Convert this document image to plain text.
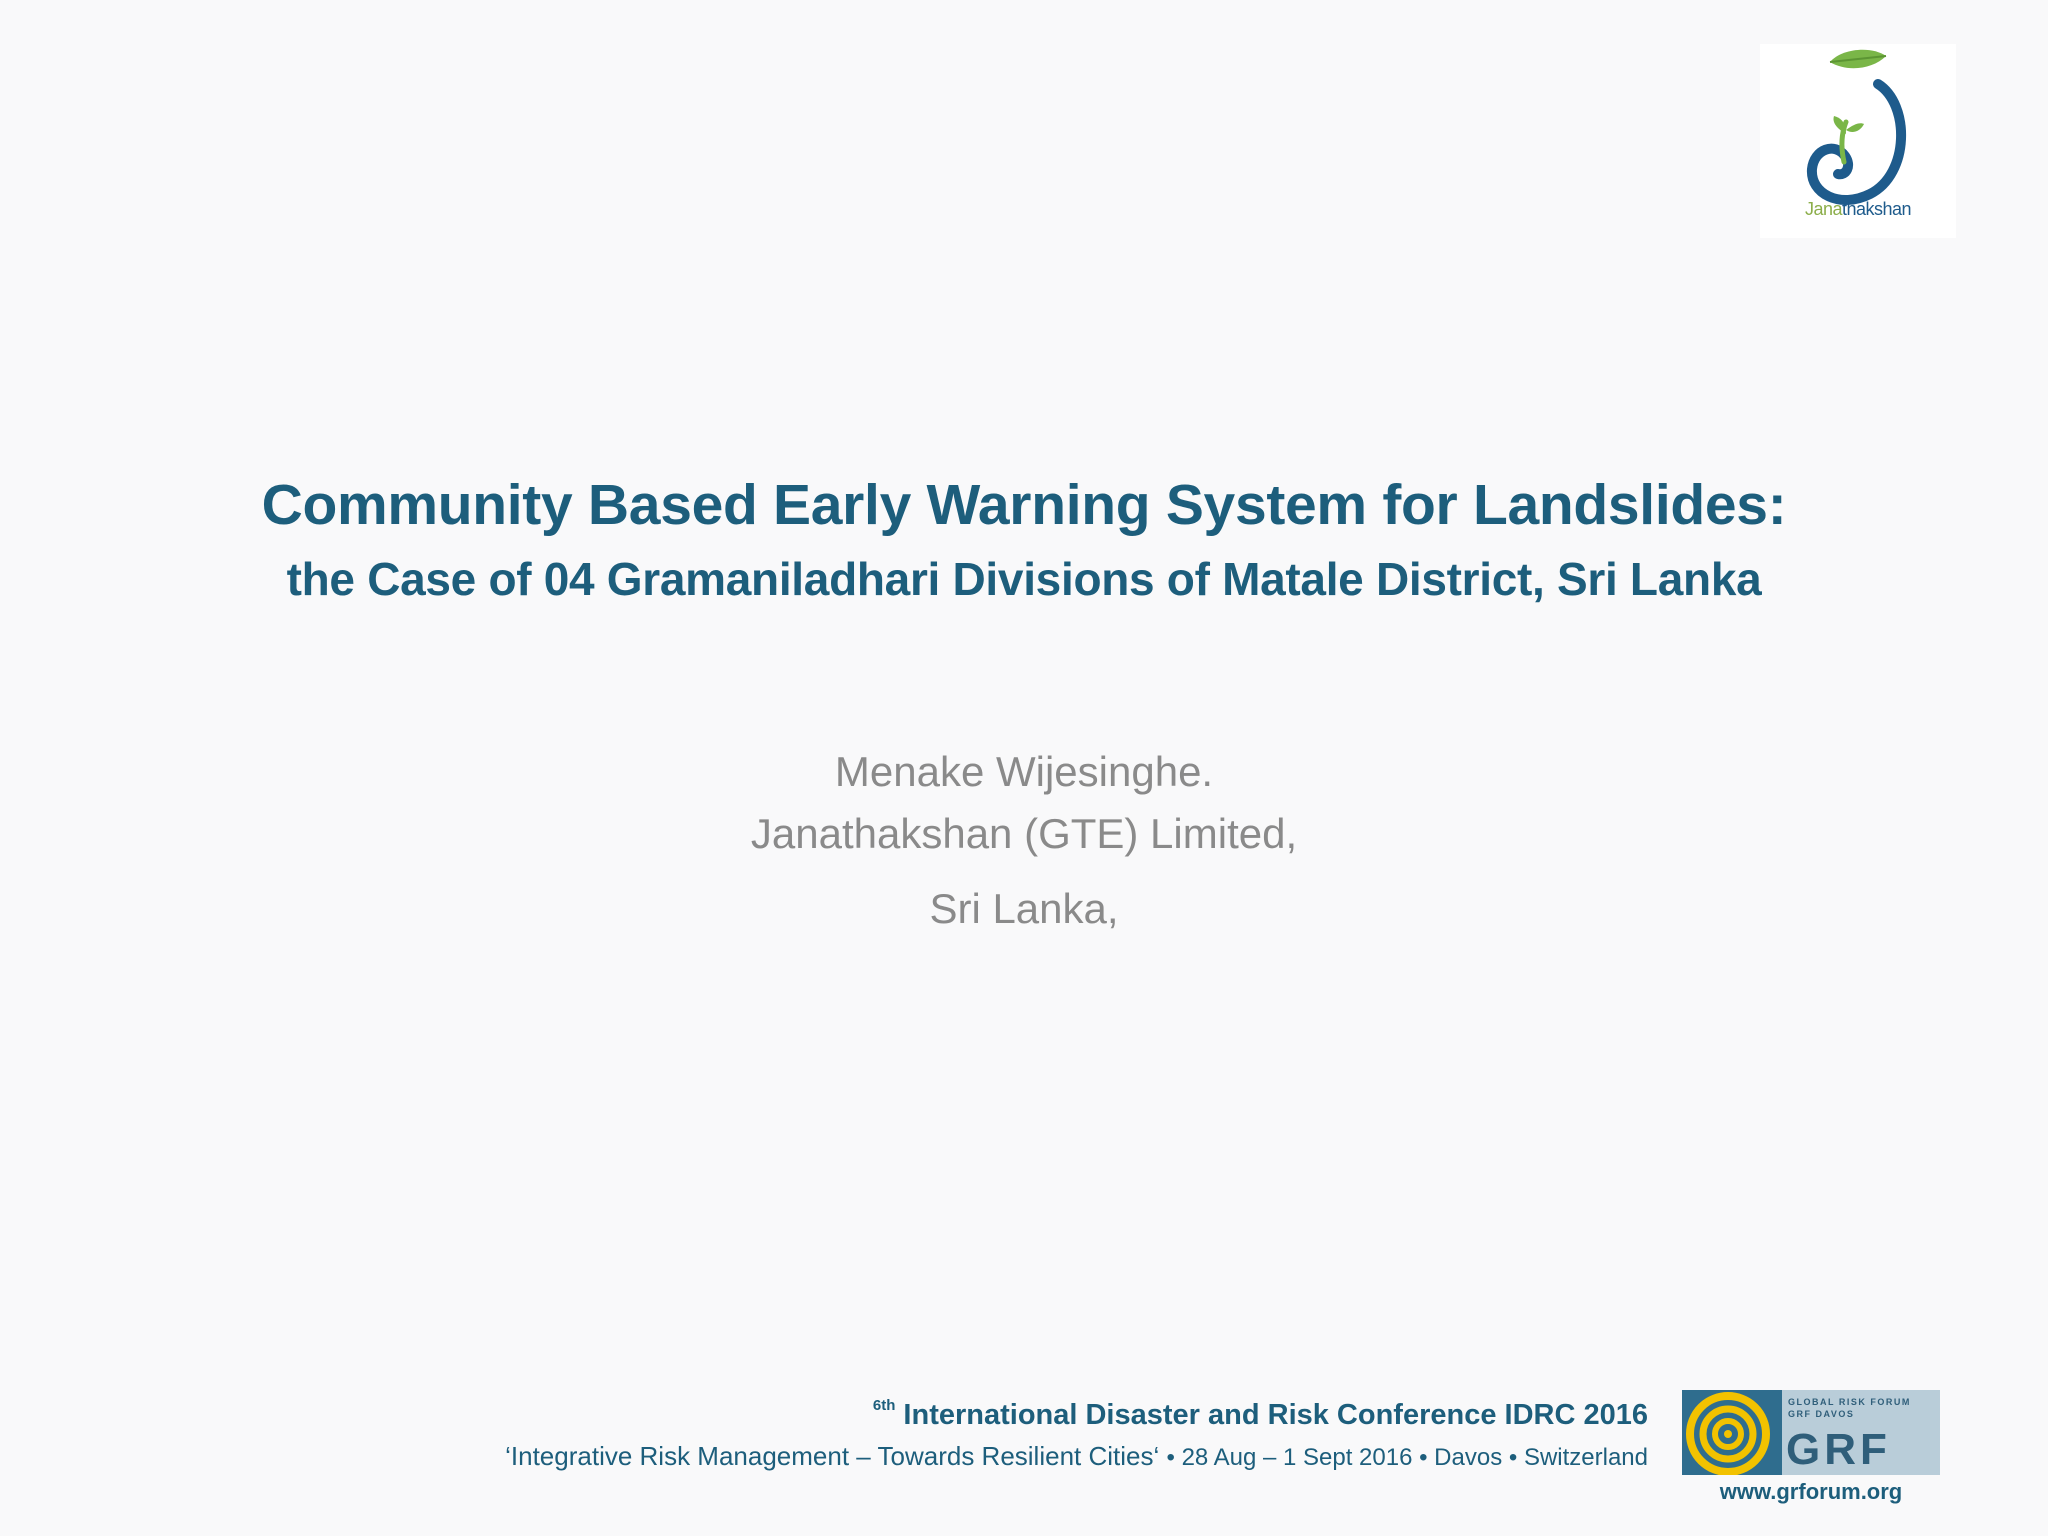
Janathakshan
Community Based Early Warning System for Landslides:
the Case of 04 Gramaniladhari Divisions of Matale District, Sri Lanka
Menake Wijesinghe.
Janathakshan (GTE) Limited,
Sri Lanka,
$^{6th}$ International Disaster and Risk Conference IDRC 2016
‘Integrative Risk Management – Towards Resilient Cities‘ • 28 Aug – 1 Sept 2016 • Davos • Switzerland
GLOBAL RISK FORUM
GRF DAVOS
GRF
www.grforum.org
